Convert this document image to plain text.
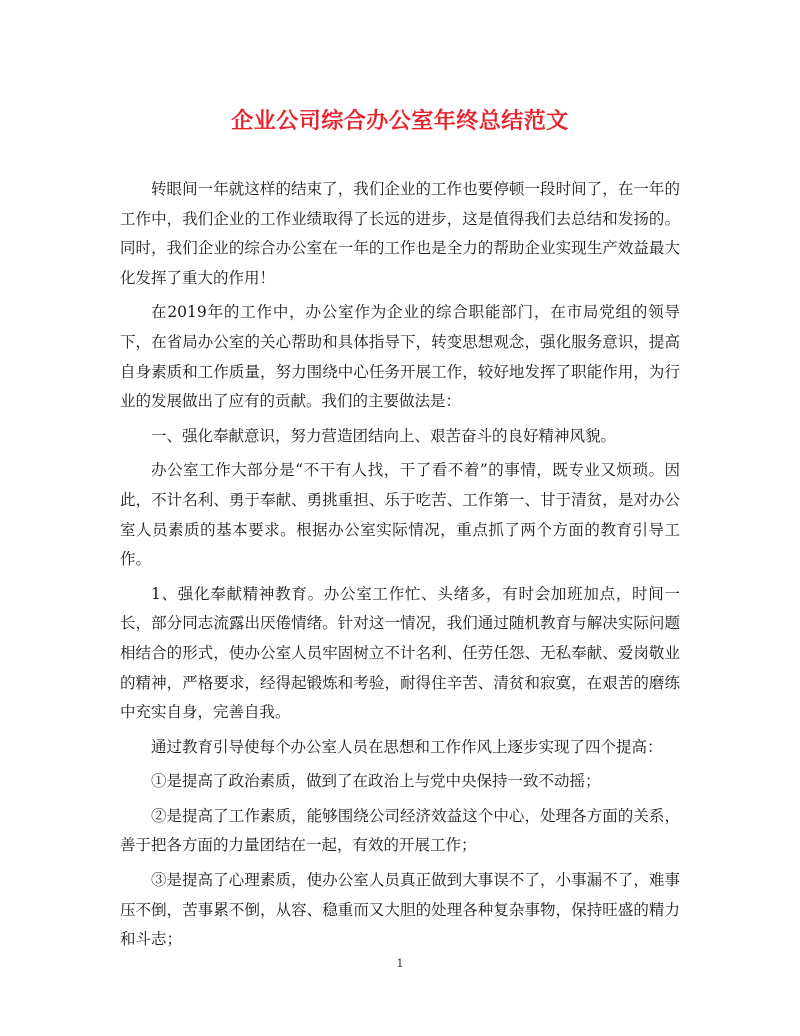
企业公司综合办公室年终总结范文

转眼间一年就这样的结束了，我们企业的工作也要停顿一段时间了，在一年的工作中，我们企业的工作业绩取得了长远的进步，这是值得我们去总结和发扬的。同时，我们企业的综合办公室在一年的工作也是全力的帮助企业实现生产效益最大化发挥了重大的作用！

在2019年的工作中，办公室作为企业的综合职能部门，在市局党组的领导下，在省局办公室的关心帮助和具体指导下，转变思想观念，强化服务意识，提高自身素质和工作质量，努力围绕中心任务开展工作，较好地发挥了职能作用，为行业的发展做出了应有的贡献。我们的主要做法是：

一、强化奉献意识，努力营造团结向上、艰苦奋斗的良好精神风貌。

办公室工作大部分是“不干有人找，干了看不着”的事情，既专业又烦琐。因此，不计名利、勇于奉献、勇挑重担、乐于吃苦、工作第一、甘于清贫，是对办公室人员素质的基本要求。根据办公室实际情况，重点抓了两个方面的教育引导工作。

1、强化奉献精神教育。办公室工作忙、头绪多，有时会加班加点，时间一长，部分同志流露出厌倦情绪。针对这一情况，我们通过随机教育与解决实际问题相结合的形式，使办公室人员牢固树立不计名利、任劳任怨、无私奉献、爱岗敬业的精神，严格要求，经得起锻炼和考验，耐得住辛苦、清贫和寂寞，在艰苦的磨练中充实自身，完善自我。

通过教育引导使每个办公室人员在思想和工作作风上逐步实现了四个提高：

①是提高了政治素质，做到了在政治上与党中央保持一致不动摇；

②是提高了工作素质，能够围绕公司经济效益这个中心，处理各方面的关系，善于把各方面的力量团结在一起，有效的开展工作；

③是提高了心理素质，使办公室人员真正做到大事误不了，小事漏不了，难事压不倒，苦事累不倒，从容、稳重而又大胆的处理各种复杂事物，保持旺盛的精力和斗志；

1
